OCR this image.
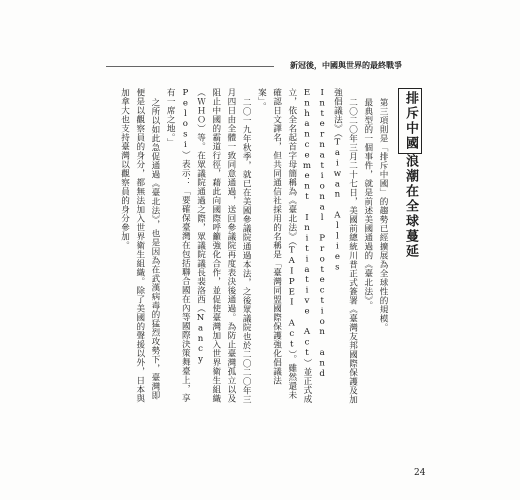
新冠後，中國與世界的最終戰爭
排斥中國浪潮在全球蔓延

第三項則是「排斥中國」的趨勢已經擴展為全球性的規模。

最典型的一個事件，就是前述美國通過的《臺北法》。

二〇二〇年三月二十七日，美國前總統川普正式簽署《臺灣友邦國際保護及加強倡議法》（Taiwan Allies International Protection and Enhancement Initiative Act）並正式成立，依全名起首字母簡稱為《臺北法》（TAIPEI Act）。雖然還未確認日文譯名，但共同通信社採用的名稱是「臺灣同盟國際保護強化倡議法案」。

二〇一九年秋季，就已在美國參議院通過本法，之後眾議院也於二〇二〇年三月四日由全體一致同意通過，送回參議院再度表決後通過。為防止臺灣孤立以及阻止中國的霸道行徑，藉此向國際呼籲強化合作，並促使臺灣加入世界衛生組織（ＷＨＯ）等。在眾議院通過之際，眾議院議長裴洛西（Nancy Pelosi）表示：「要確保臺灣在包括聯合國在內等國際決策舞臺上，享有一席之地。」

之所以如此急促通過《臺北法》，也是因為在武漢病毒的猛烈攻勢下，臺灣即便是以觀察員的身分，都無法加入世界衛生組織。除了美國的聲援以外，日本與加拿大也支持臺灣以觀察員的身分參加。

24
